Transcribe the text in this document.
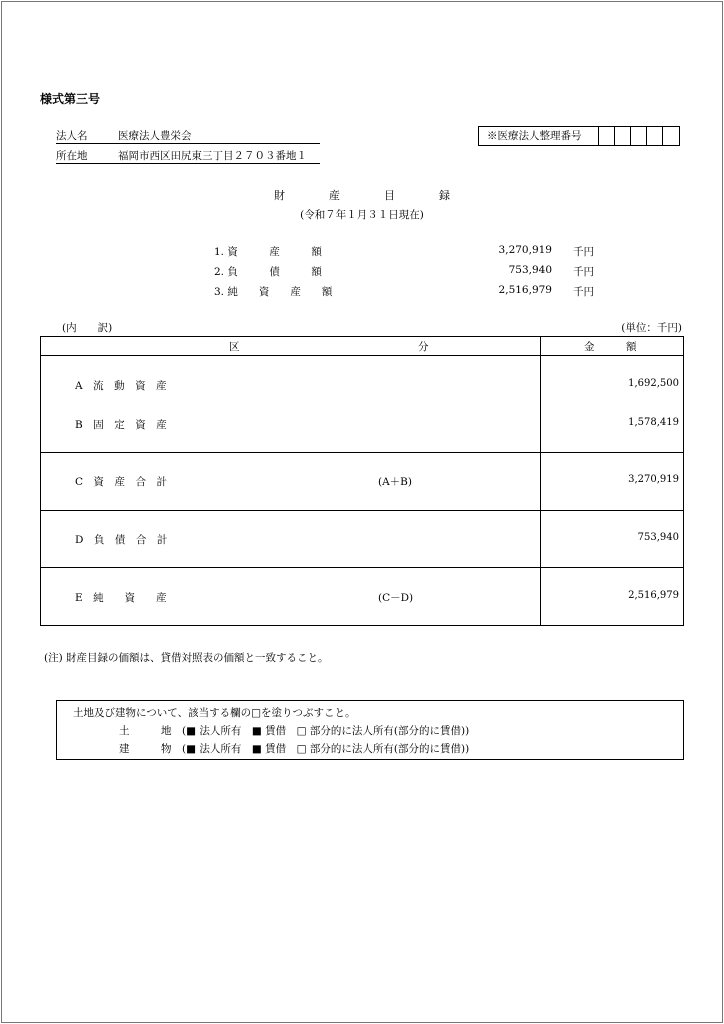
様式第三号
法人名	医療法人豊栄会
所在地	福岡市西区田尻東三丁目２７０３番地１
※医療法人整理番号
財　　　　産　　　　目　　　　録
(令和７年１月３１日現在)
1. 資　　　産　　　額	3,270,919 千円
2. 負　　　債　　　額	753,940 千円
3. 純　　資　　産　　額	2,516,979 千円
(内　　訳)	(単位：千円)
区　　　　　　　　　　　　　　　　　分	金　　　額
A　流　動　資　産	1,692,500
B　固　定　資　産	1,578,419
C　資　産　合　計	(A＋B)	3,270,919
D　負　債　合　計	753,940
E　純　　資　　産	(C－D)	2,516,979
(注) 財産目録の価額は、貸借対照表の価額と一致すること。
土地及び建物について、該当する欄の□を塗りつぶすこと。
土　　　地　(■ 法人所有　■ 賃借　□ 部分的に法人所有(部分的に賃借))
建　　　物　(■ 法人所有　■ 賃借　□ 部分的に法人所有(部分的に賃借))
